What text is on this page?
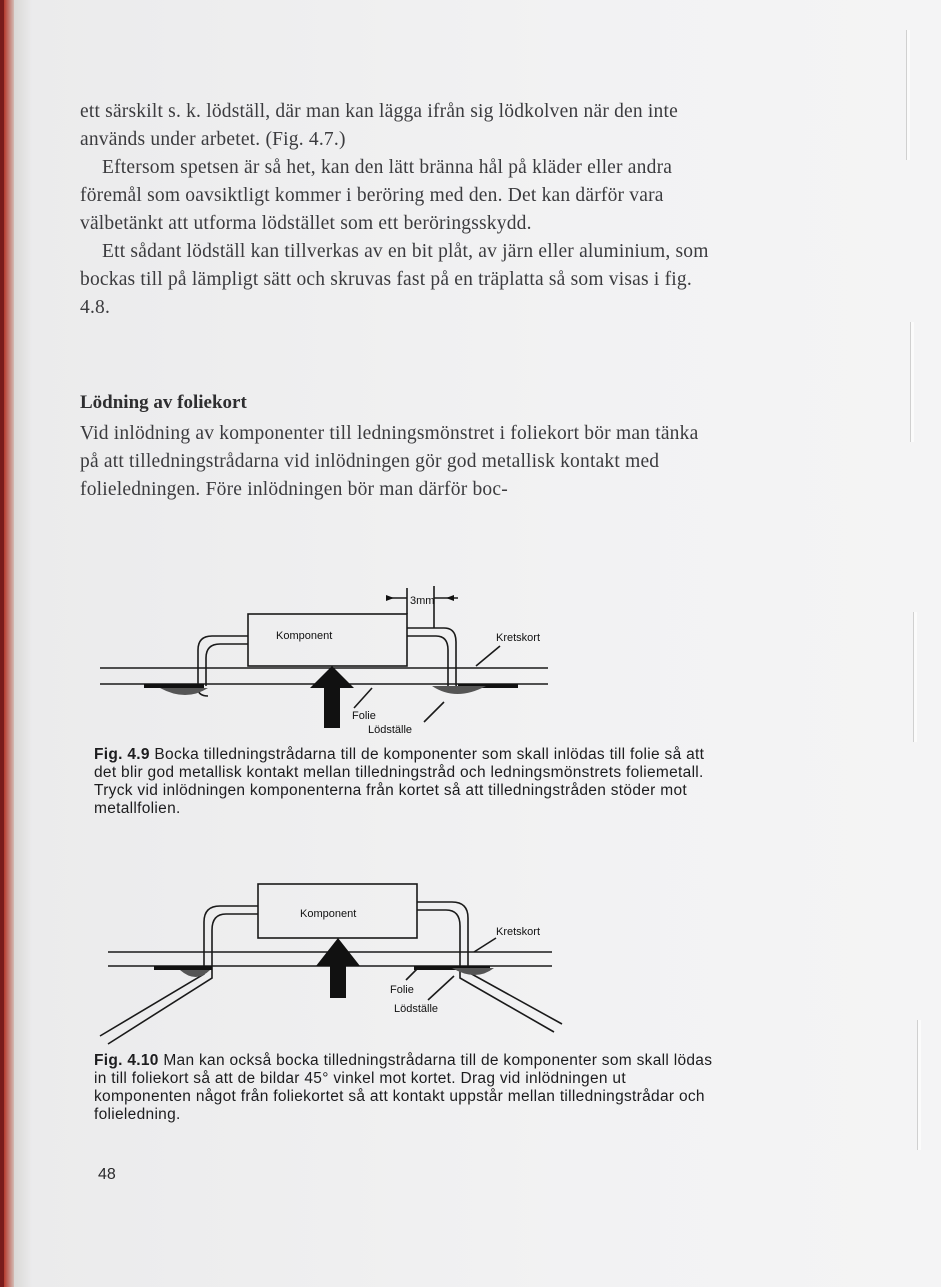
ett särskilt s. k. lödställ, där man kan lägga ifrån sig lödkolven när den inte används under arbetet. (Fig. 4.7.)

Eftersom spetsen är så het, kan den lätt bränna hål på kläder eller andra föremål som oavsiktligt kommer i beröring med den. Det kan därför vara välbetänkt att utforma lödstället som ett beröringsskydd.

Ett sådant lödställ kan tillverkas av en bit plåt, av järn eller aluminium, som bockas till på lämpligt sätt och skruvas fast på en träplatta så som visas i fig. 4.8.

Lödning av foliekort

Vid inlödning av komponenter till ledningsmönstret i foliekort bör man tänka på att tilledningstrådarna vid inlödningen gör god metallisk kontakt med folieledningen. Före inlödningen bör man därför boc-

3mm
Komponent	Kretskort
Folie
Lödställe
Fig. 4.9 Bocka tilledningstrådarna till de komponenter som skall inlödas till folie så att det blir god metallisk kontakt mellan tilledningstråd och ledningsmönstrets foliemetall. Tryck vid inlödningen komponenterna från kortet så att tilledningstråden stöder mot metallfolien.
Komponent
Kretskort
Folie
Lödställe
Fig. 4.10 Man kan också bocka tilledningstrådarna till de komponenter som skall lödas in till foliekort så att de bildar 45° vinkel mot kortet. Drag vid inlödningen ut komponenten något från foliekortet så att kontakt uppstår mellan tilledningstrådar och folieledning.
48
